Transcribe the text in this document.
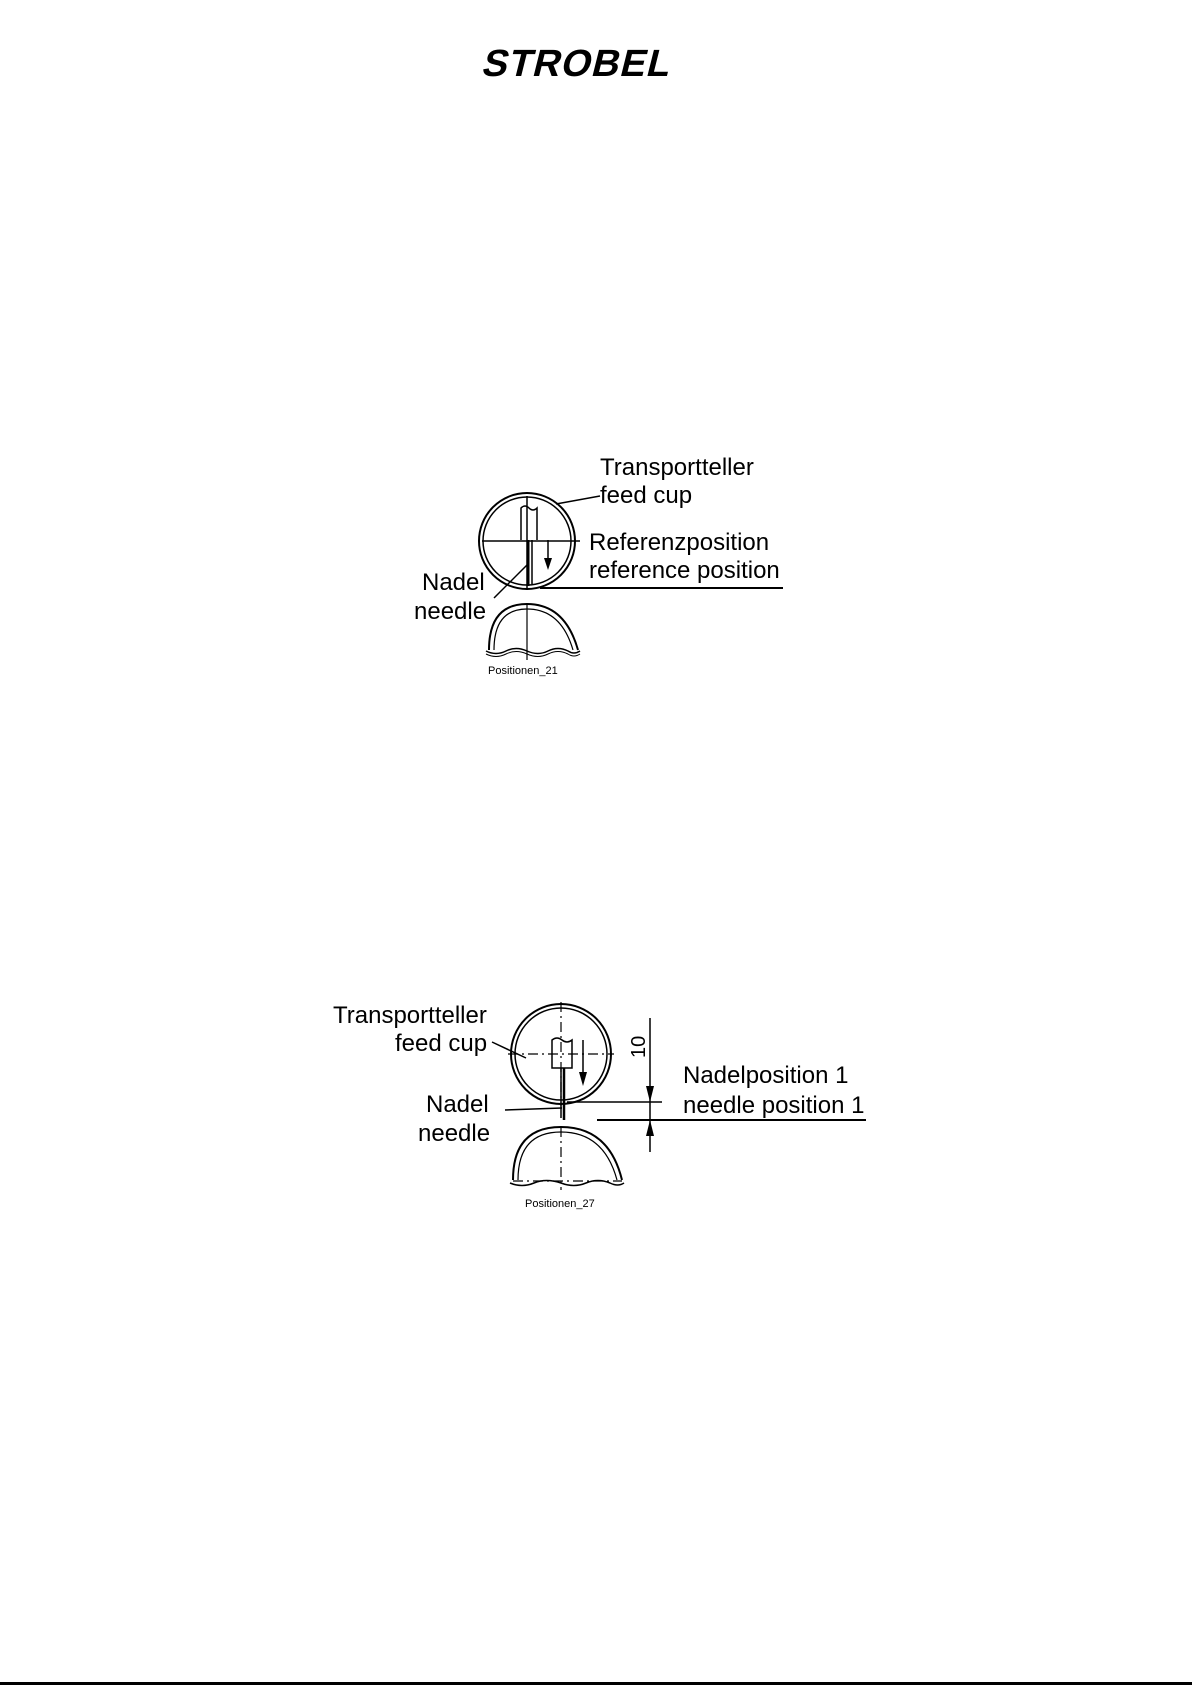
STROBEL
Transportteller
feed cup
Referenzposition
reference position
Nadel
needle
Positionen_21
10
Transportteller
feed cup
Nadel
needle
Nadelposition 1
needle position 1
Positionen_27
